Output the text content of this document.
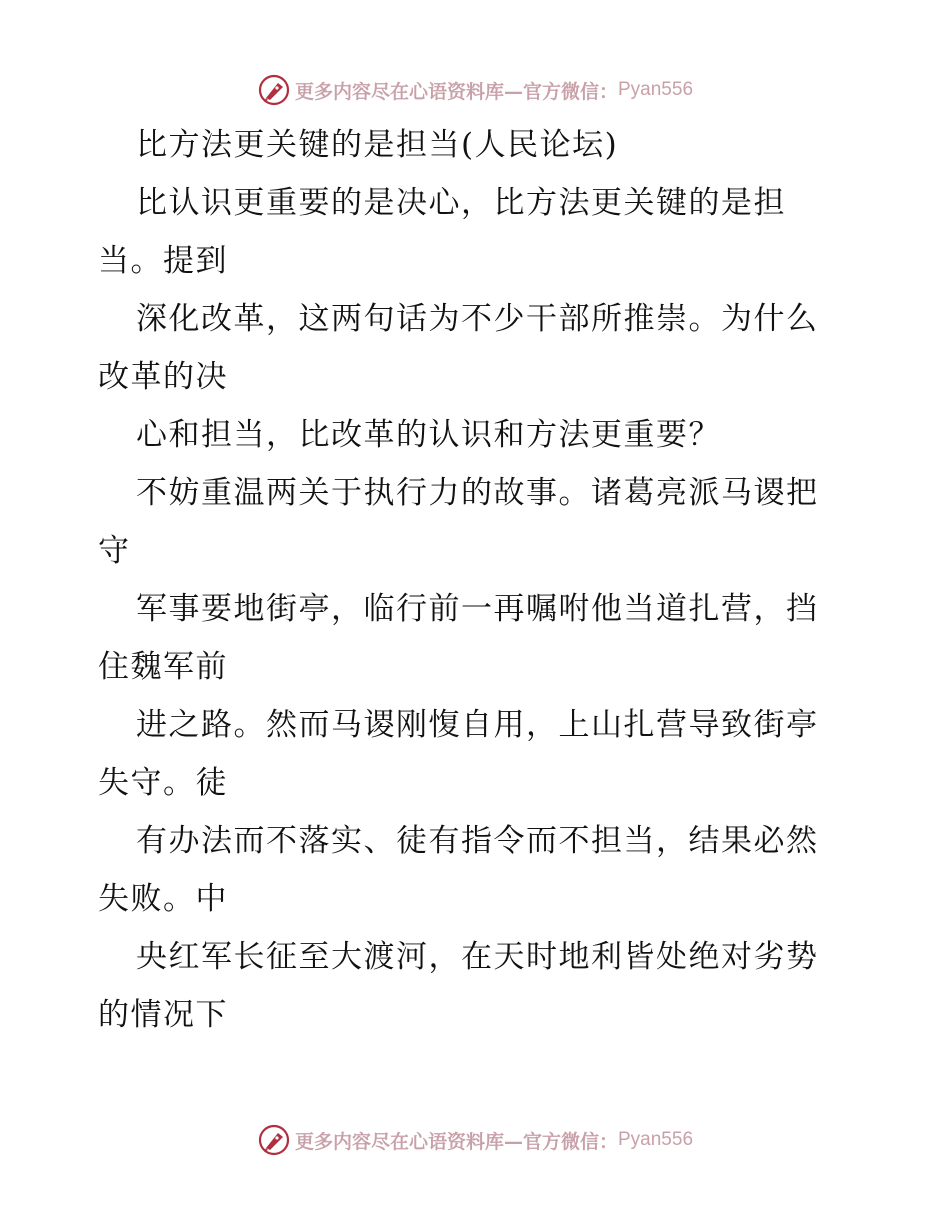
更多内容尽在心语资料库—官方微信： Pyan556
比方法更关键的是担当(人民论坛)
比认识更重要的是决心，比方法更关键的是担
当。提到
深化改革，这两句话为不少干部所推崇。为什么
改革的决
心和担当，比改革的认识和方法更重要？
不妨重温两关于执行力的故事。诸葛亮派马谡把
守
军事要地街亭，临行前一再嘱咐他当道扎营，挡
住魏军前
进之路。然而马谡刚愎自用，上山扎营导致街亭
失守。徒
有办法而不落实、徒有指令而不担当，结果必然
失败。中
央红军长征至大渡河，在天时地利皆处绝对劣势
的情况下
更多内容尽在心语资料库—官方微信： Pyan556
